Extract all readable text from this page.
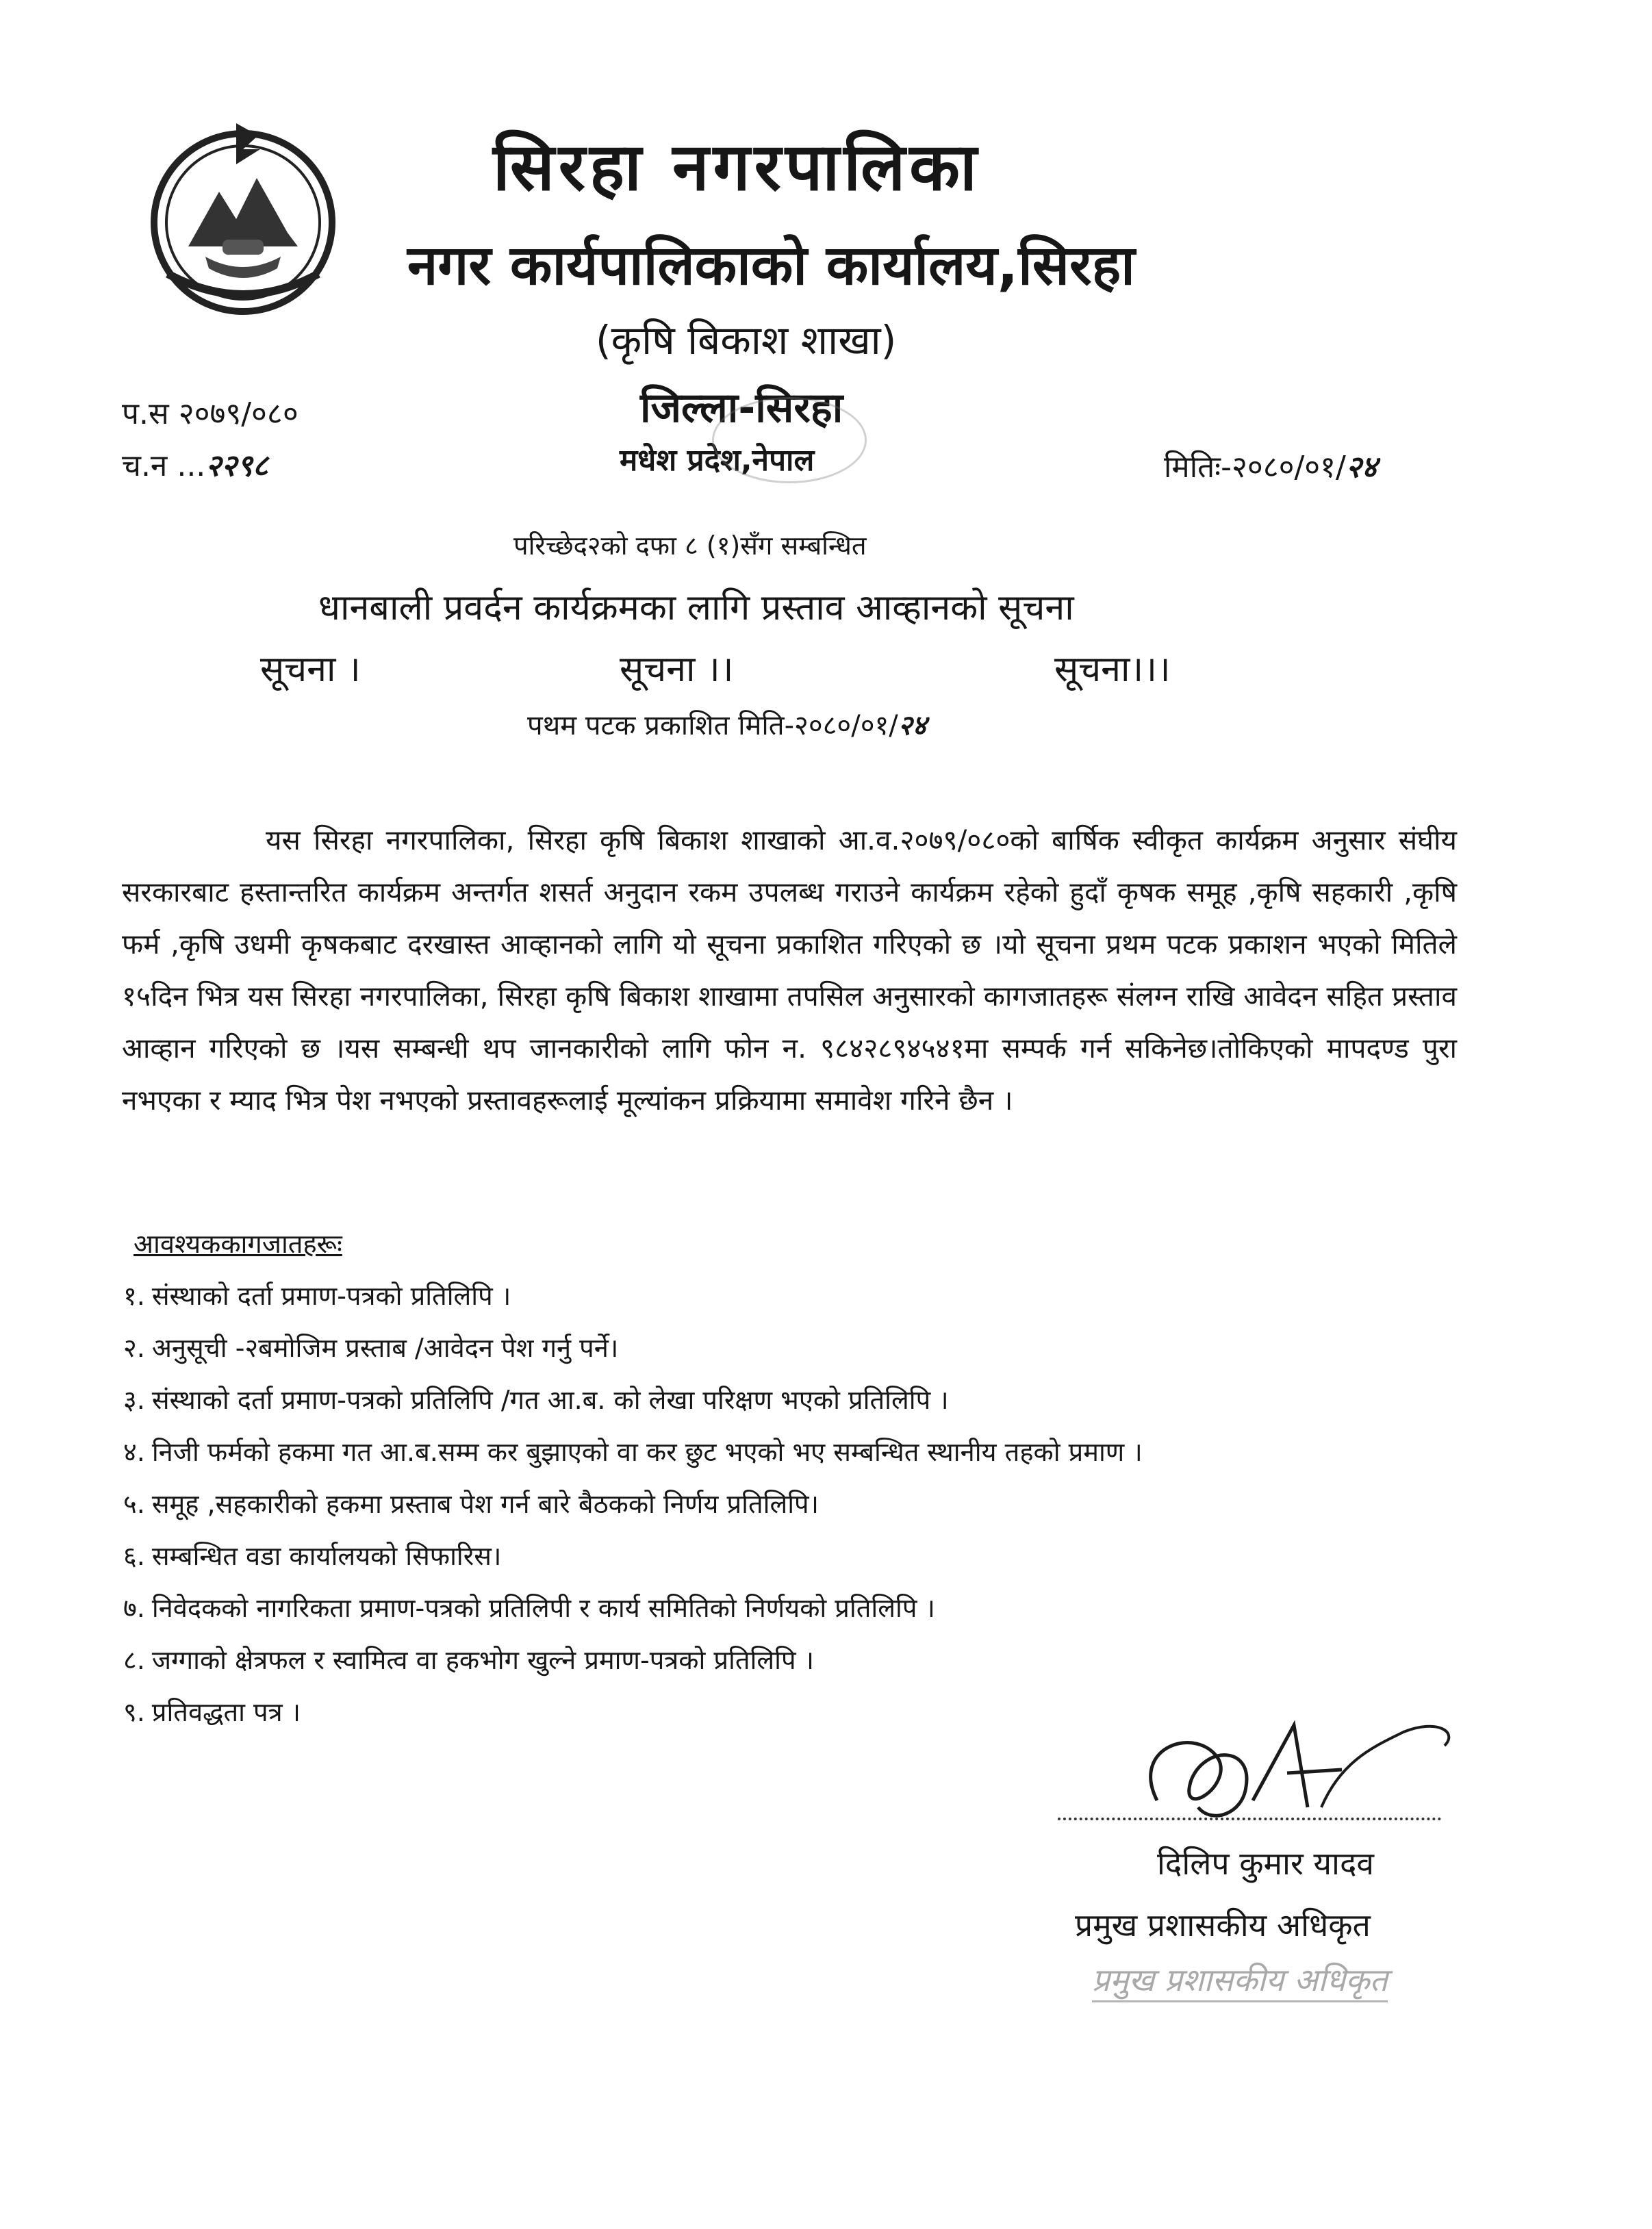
सिरहा नगरपालिका
नगर कार्यपालिकाको कार्यालय,सिरहा
(कृषि बिकाश शाखा)
जिल्ला-सिरहा
मधेश प्रदेश,नेपाल
प.स २०७९/०८०
च.न ...२२९८	मितिः-२०८०/०१/२४
परिच्छेद२को दफा ८ (१)सँग सम्बन्धित
धानबाली प्रवर्दन कार्यक्रमका लागि प्रस्ताव आव्हानको सूचना
सूचना ।	सूचना ।।	सूचना।।।
पथम पटक प्रकाशित मिति-२०८०/०१/२४

यस सिरहा नगरपालिका, सिरहा कृषि बिकाश शाखाको आ.व.२०७९/०८०को बार्षिक स्वीकृत कार्यक्रम अनुसार संघीय सरकारबाट हस्तान्तरित कार्यक्रम अन्तर्गत शसर्त अनुदान रकम उपलब्ध गराउने कार्यक्रम रहेको हुदाँ कृषक समूह ,कृषि सहकारी ,कृषि फर्म ,कृषि उधमी कृषकबाट दरखास्त आव्हानको लागि यो सूचना प्रकाशित गरिएको छ ।यो सूचना प्रथम पटक प्रकाशन भएको मितिले १५दिन भित्र यस सिरहा नगरपालिका, सिरहा कृषि बिकाश शाखामा तपसिल अनुसारको कागजातहरू संलग्न राखि आवेदन सहित प्रस्ताव आव्हान गरिएको छ ।यस सम्बन्धी थप जानकारीको लागि फोन न. ९८४२८९४५४१मा सम्पर्क गर्न सकिनेछ।तोकिएको मापदण्ड पुरा नभएका र म्याद भित्र पेश नभएको प्रस्तावहरूलाई मूल्यांकन प्रक्रियामा समावेश गरिने छैन ।

आवश्यककागजातहरूः
१. संस्थाको दर्ता प्रमाण-पत्रको प्रतिलिपि ।
२. अनुसूची -२बमोजिम प्रस्ताब /आवेदन पेश गर्नु पर्ने।
३. संस्थाको दर्ता प्रमाण-पत्रको प्रतिलिपि /गत आ.ब. को लेखा परिक्षण भएको प्रतिलिपि ।
४. निजी फर्मको हकमा गत आ.ब.सम्म कर बुझाएको वा कर छुट भएको भए सम्बन्धित स्थानीय तहको प्रमाण ।
५. समूह ,सहकारीको हकमा प्रस्ताब पेश गर्न बारे बैठकको निर्णय प्रतिलिपि।
६. सम्बन्धित वडा कार्यालयको सिफारिस।
७. निवेदकको नागरिकता प्रमाण-पत्रको प्रतिलिपी र कार्य समितिको निर्णयको प्रतिलिपि ।
८. जग्गाको क्षेत्रफल र स्वामित्व वा हकभोग खुल्ने प्रमाण-पत्रको प्रतिलिपि ।
९. प्रतिवद्धता पत्र ।
दिलिप कुमार यादव
प्रमुख प्रशासकीय अधिकृत
प्रमुख प्रशासकीय अधिकृत
